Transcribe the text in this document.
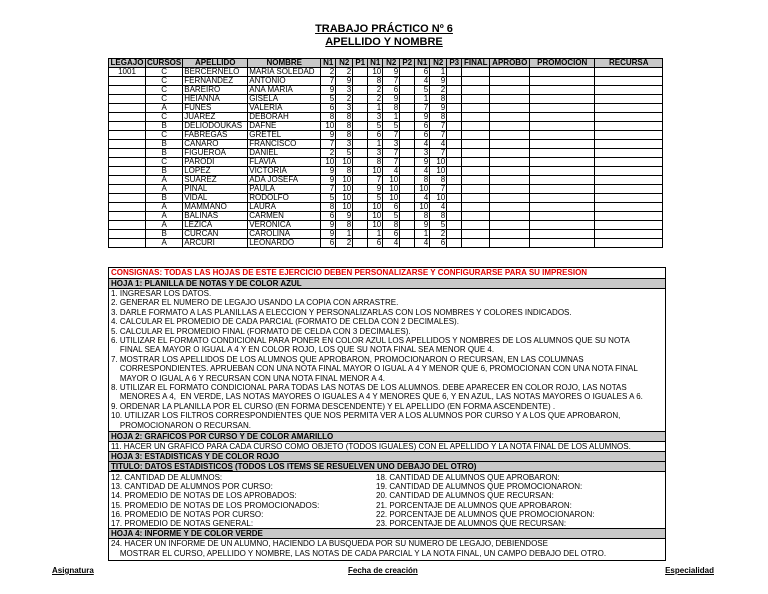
TRABAJO PRÁCTICO Nº 6
APELLIDO Y NOMBRE
LEGAJO	CURSOS	APELLIDO	NOMBRE	N1	N2	P1	N1	N2	P2	N1	N2	P3	FINAL	APROBO	PROMOCION	RECURSA
1001	C	BERCERNELO	MARIA SOLEDAD	2	2		10	9		6	1					
	C	FERNANDEZ	ANTONIO	7	9		8	7		4	9					
	C	BAREIRO	ANA MARIA	9	3		2	6		5	2					
	C	HEIANNA	GISELA	5	2		2	9		1	8					
	A	FUNES	VALERIA	6	3		1	8		7	9					
	C	JUAREZ	DEBORAH	8	8		3	1		9	8					
	B	DELIODOUKAS	DAFNE	10	8		5	5		6	7					
	C	FABREGAS	GRETEL	9	8		6	7		6	7					
	B	CANARO	FRANCISCO	7	3		1	3		4	4					
	B	FIGUEROA	DANIEL	2	5		3	7		3	7					
	C	PARODI	FLAVIA	10	10		8	7		9	10					
	B	LOPEZ	VICTORIA	9	8		10	4		4	10					
	A	SUAREZ	ADA JOSEFA	9	10		7	10		8	8					
	A	PINAL	PAULA	7	10		9	10		10	7					
	B	VIDAL	RODOLFO	5	10		5	10		4	10					
	A	MAMMANO	LAURA	8	10		10	6		10	4					
	A	BALINAS	CARMEN	6	9		10	5		8	8					
	A	LEZICA	VERONICA	9	8		10	8		9	5					
	B	CURCAN	CAROLINA	9	1		1	6		1	2					
	A	ARCURI	LEONARDO	6	2		6	4		4	6					
CONSIGNAS: TODAS LAS HOJAS DE ESTE EJERCICIO DEBEN PERSONALIZARSE Y CONFIGURARSE PARA SU IMPRESION
HOJA 1: PLANILLA DE NOTAS Y DE COLOR AZUL
1. INGRESAR LOS DATOS.
2. GENERAR EL NUMERO DE LEGAJO USANDO LA COPIA CON ARRASTRE.
3. DARLE FORMATO A LAS PLANILLAS A ELECCION Y PERSONALIZARLAS CON LOS NOMBRES Y COLORES INDICADOS.
4. CALCULAR EL PROMEDIO DE CADA PARCIAL (FORMATO DE CELDA CON 2 DECIMALES).
5. CALCULAR EL PROMEDIO FINAL (FORMATO DE CELDA CON 3 DECIMALES).
6. UTILIZAR EL FORMATO CONDICIONAL PARA PONER EN COLOR AZUL LOS APELLIDOS Y NOMBRES DE LOS ALUMNOS QUE SU NOTA
FINAL SEA MAYOR O IGUAL A 4 Y EN COLOR ROJO, LOS QUE SU NOTA FINAL SEA MENOR QUE 4.
7. MOSTRAR LOS APELLIDOS DE LOS ALUMNOS QUE APROBARON, PROMOCIONARON O RECURSAN, EN LAS COLUMNAS
CORRESPONDIENTES. APRUEBAN CON UNA NOTA FINAL MAYOR O IGUAL A 4 Y MENOR QUE 6, PROMOCIONAN CON UNA NOTA FINAL
MAYOR O IGUAL A 6 Y RECURSAN CON UNA NOTA FINAL MENOR A 4.
8. UTILIZAR EL FORMATO CONDICIONAL PARA TODAS LAS NOTAS DE LOS ALUMNOS. DEBE APARECER EN COLOR ROJO, LAS NOTAS
MENORES A 4,  EN VERDE, LAS NOTAS MAYORES O IGUALES A 4 Y MENORES QUE 6, Y EN AZUL, LAS NOTAS MAYORES O IGUALES A 6.
9. ORDENAR LA PLANILLA POR EL CURSO (EN FORMA DESCENDENTE) Y EL APELLIDO (EN FORMA ASCENDENTE) .
10. UTILIZAR LOS FILTROS CORRESPONDIENTES QUE NOS PERMITA VER A LOS ALUMNOS POR CURSO Y A LOS QUE APROBARON,
PROMOCIONARON O RECURSAN.
HOJA 2: GRAFICOS POR CURSO Y DE COLOR AMARILLO
11. HACER UN GRAFICO PARA CADA CURSO COMO OBJETO (TODOS IGUALES) CON EL APELLIDO Y LA NOTA FINAL DE LOS ALUMNOS.
HOJA 3: ESTADISTICAS Y DE COLOR ROJO
TITULO: DATOS ESTADISTICOS (TODOS LOS ITEMS SE RESUELVEN UNO DEBAJO DEL OTRO)
12. CANTIDAD DE ALUMNOS:	18. CANTIDAD DE ALUMNOS QUE APROBARON:
13. CANTIDAD DE ALUMNOS POR CURSO:	19. CANTIDAD DE ALUMNOS QUE PROMOCIONARON:
14. PROMEDIO DE NOTAS DE LOS APROBADOS:	20. CANTIDAD DE ALUMNOS QUE RECURSAN:
15. PROMEDIO DE NOTAS DE LOS PROMOCIONADOS:	21. PORCENTAJE DE ALUMNOS QUE APROBARON:
16. PROMEDIO DE NOTAS POR CURSO:	22. PORCENTAJE DE ALUMNOS QUE PROMOCIONARON:
17. PROMEDIO DE NOTAS GENERAL:	23. PORCENTAJE DE ALUMNOS QUE RECURSAN:
HOJA 4: INFORME Y DE COLOR VERDE
24. HACER UN INFORME DE UN ALUMNO, HACIENDO LA BUSQUEDA POR SU NUMERO DE LEGAJO, DEBIENDOSE
MOSTRAR EL CURSO, APELLIDO Y NOMBRE, LAS NOTAS DE CADA PARCIAL Y LA NOTA FINAL, UN CAMPO DEBAJO DEL OTRO.
Asignatura	Fecha de creación	Especialidad
